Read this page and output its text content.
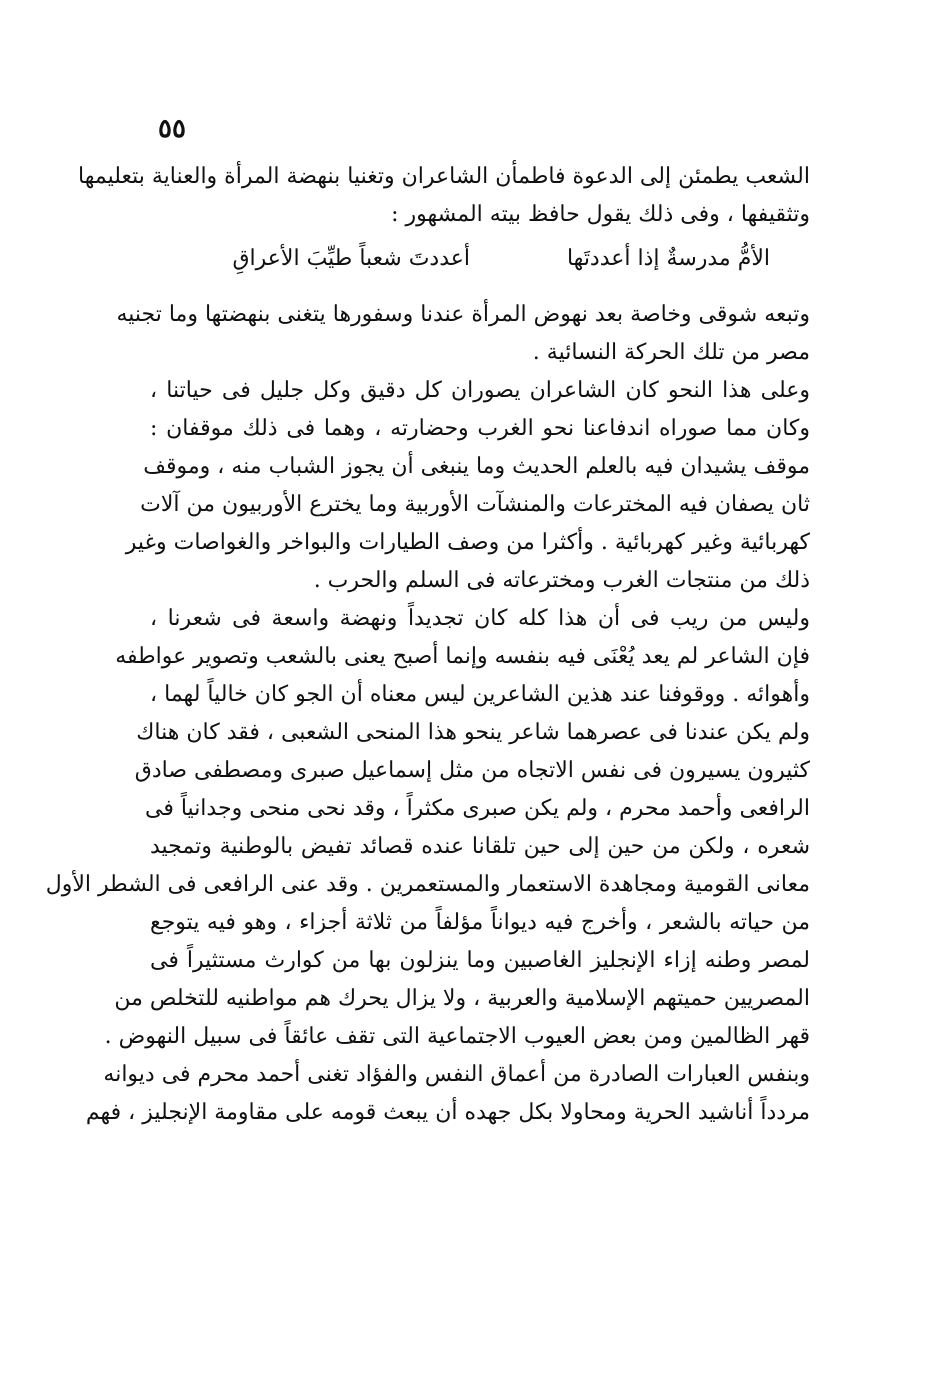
٥٥
الشعب يطمئن إلى الدعوة فاطمأن الشاعران وتغنيا بنهضة المرأة والعناية بتعليمها
وتثقيفها ، وفى ذلك يقول حافظ بيته المشهور :
الأمُّ مدرسةٌ إذا أعددتَها
أعددتَ شعباً طيِّبَ الأعراقِ
وتبعه شوقى وخاصة بعد نهوض المرأة عندنا وسفورها يتغنى بنهضتها وما تجنيه
مصر من تلك الحركة النسائية .
وعلى هذا النحو كان الشاعران يصوران كل دقيق وكل جليل فى حياتنا ،
وكان مما صوراه اندفاعنا نحو الغرب وحضارته ، وهما فى ذلك موقفان :
موقف يشيدان فيه بالعلم الحديث وما ينبغى أن يجوز الشباب منه ، وموقف
ثان يصفان فيه المخترعات والمنشآت الأوربية وما يخترع الأوربيون من آلات
كهربائية وغير كهربائية . وأكثرا من وصف الطيارات والبواخر والغواصات وغير
ذلك من منتجات الغرب ومخترعاته فى السلم والحرب .
وليس من ريب فى أن هذا كله كان تجديداً ونهضة واسعة فى شعرنا ،
فإن الشاعر لم يعد يُعْنَى فيه بنفسه وإنما أصبح يعنى بالشعب وتصوير عواطفه
وأهوائه . ووقوفنا عند هذين الشاعرين ليس معناه أن الجو كان خالياً لهما ،
ولم يكن عندنا فى عصرهما شاعر ينحو هذا المنحى الشعبى ، فقد كان هناك
كثيرون يسيرون فى نفس الاتجاه من مثل إسماعيل صبرى ومصطفى صادق
الرافعى وأحمد محرم ، ولم يكن صبرى مكثراً ، وقد نحى منحى وجدانياً فى
شعره ، ولكن من حين إلى حين تلقانا عنده قصائد تفيض بالوطنية وتمجيد
معانى القومية ومجاهدة الاستعمار والمستعمرين . وقد عنى الرافعى فى الشطر الأول
من حياته بالشعر ، وأخرج فيه ديواناً مؤلفاً من ثلاثة أجزاء ، وهو فيه يتوجع
لمصر وطنه إزاء الإنجليز الغاصبين وما ينزلون بها من كوارث مستثيراً فى
المصريين حميتهم الإسلامية والعربية ، ولا يزال يحرك هم مواطنيه للتخلص من
قهر الظالمين ومن بعض العيوب الاجتماعية التى تقف عائقاً فى سبيل النهوض .
وبنفس العبارات الصادرة من أعماق النفس والفؤاد تغنى أحمد محرم فى ديوانه
مردداً أناشيد الحرية ومحاولا بكل جهده أن يبعث قومه على مقاومة الإنجليز ، فهم
